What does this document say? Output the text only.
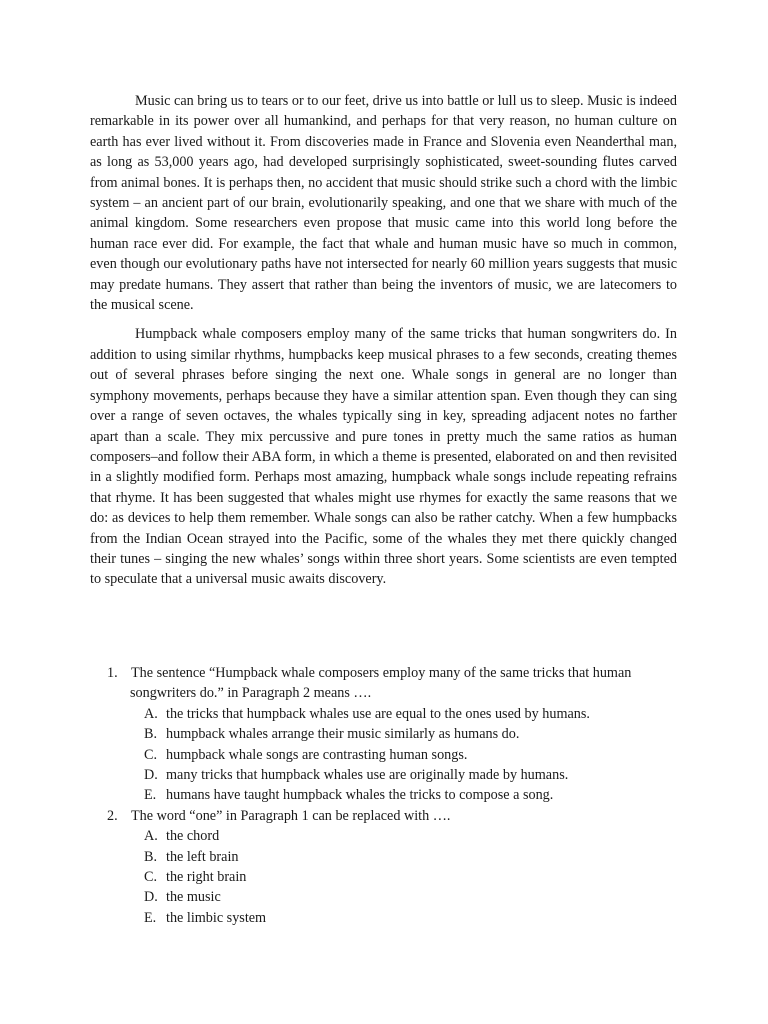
Music can bring us to tears or to our feet, drive us into battle or lull us to sleep. Music is indeed remarkable in its power over all humankind, and perhaps for that very reason, no human culture on earth has ever lived without it. From discoveries made in France and Slovenia even Neanderthal man, as long as 53,000 years ago, had developed surprisingly sophisticated, sweet-sounding flutes carved from animal bones. It is perhaps then, no accident that music should strike such a chord with the limbic system – an ancient part of our brain, evolutionarily speaking, and one that we share with much of the animal kingdom. Some researchers even propose that music came into this world long before the human race ever did. For example, the fact that whale and human music have so much in common, even though our evolutionary paths have not intersected for nearly 60 million years suggests that music may predate humans. They assert that rather than being the inventors of music, we are latecomers to the musical scene.

Humpback whale composers employ many of the same tricks that human songwriters do. In addition to using similar rhythms, humpbacks keep musical phrases to a few seconds, creating themes out of several phrases before singing the next one. Whale songs in general are no longer than symphony movements, perhaps because they have a similar attention span. Even though they can sing over a range of seven octaves, the whales typically sing in key, spreading adjacent notes no farther apart than a scale. They mix percussive and pure tones in pretty much the same ratios as human composers–and follow their ABA form, in which a theme is presented, elaborated on and then revisited in a slightly modified form. Perhaps most amazing, humpback whale songs include repeating refrains that rhyme. It has been suggested that whales might use rhymes for exactly the same reasons that we do: as devices to help them remember. Whale songs can also be rather catchy. When a few humpbacks from the Indian Ocean strayed into the Pacific, some of the whales they met there quickly changed their tunes – singing the new whales’ songs within three short years. Some scientists are even tempted to speculate that a universal music awaits discovery.

1. The sentence “Humpback whale composers employ many of the same tricks that human
songwriters do.” in Paragraph 2 means ….
A. the tricks that humpback whales use are equal to the ones used by humans.
B. humpback whales arrange their music similarly as humans do.
C. humpback whale songs are contrasting human songs.
D. many tricks that humpback whales use are originally made by humans.
E. humans have taught humpback whales the tricks to compose a song.
2. The word “one” in Paragraph 1 can be replaced with ….
A. the chord
B. the left brain
C. the right brain
D. the music
E. the limbic system
